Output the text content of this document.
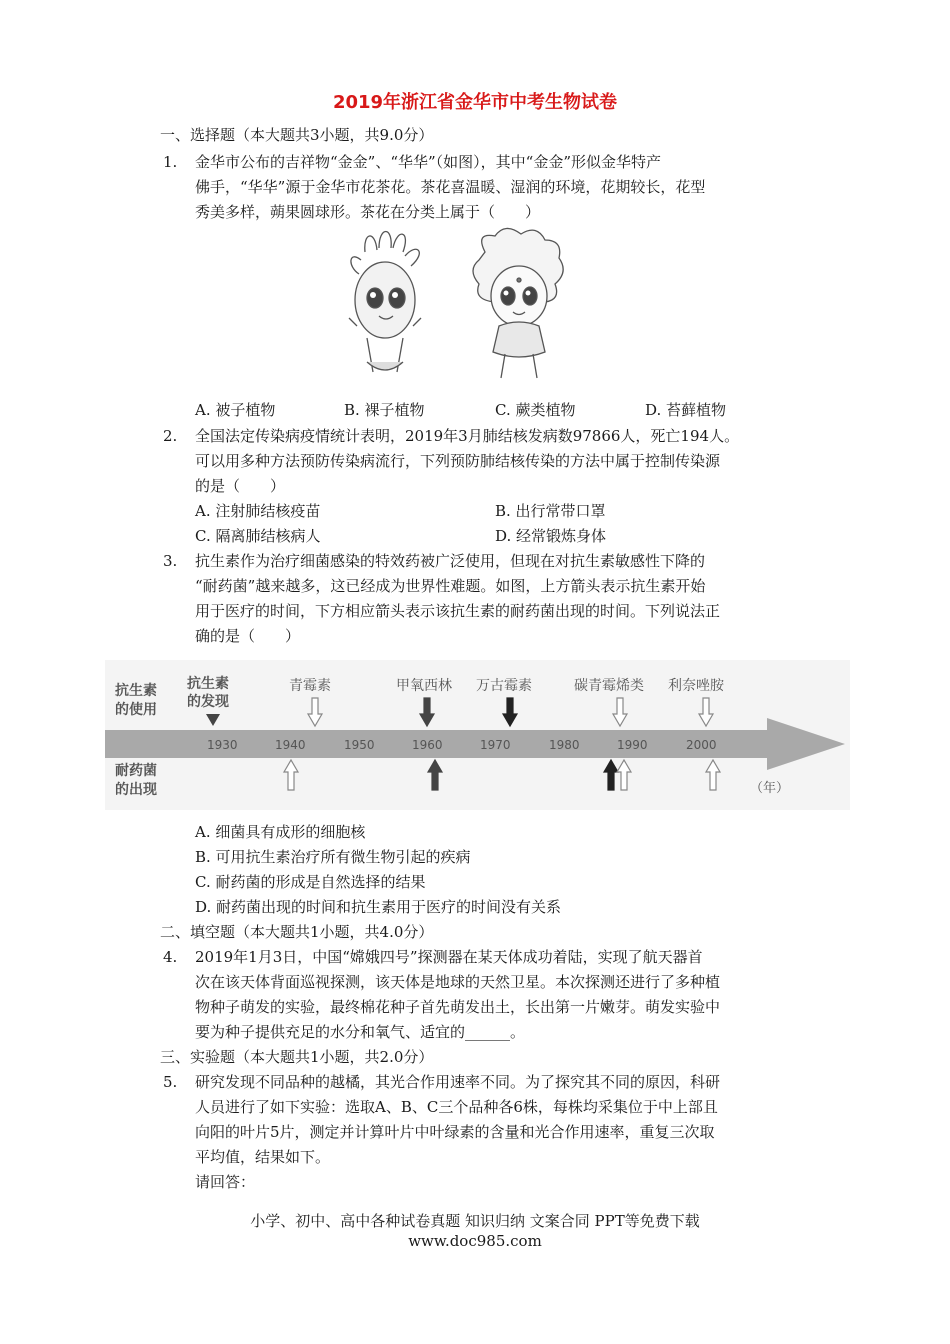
2019年浙江省金华市中考生物试卷
一、选择题（本大题共3小题，共9.0分）
1. 金华市公布的吉祥物“金金”、“华华”（如图），其中“金金”形似金华特产
佛手，“华华”源于金华市花茶花。茶花喜温暖、湿润的环境，花期较长，花型
秀美多样，蒴果圆球形。茶花在分类上属于（　　）
A. 被子植物	B. 裸子植物	C. 蕨类植物	D. 苔藓植物
2. 全国法定传染病疫情统计表明，2019年3月肺结核发病数97866人，死亡194人。
可以用多种方法预防传染病流行，下列预防肺结核传染的方法中属于控制传染源
的是（　　）
A. 注射肺结核疫苗	B. 出行常带口罩
C. 隔离肺结核病人	D. 经常锻炼身体
3. 抗生素作为治疗细菌感染的特效药被广泛使用，但现在对抗生素敏感性下降的
“耐药菌”越来越多，这已经成为世界性难题。如图，上方箭头表示抗生素开始
用于医疗的时间，下方相应箭头表示该抗生素的耐药菌出现的时间。下列说法正
确的是（　　）
抗生素
的使用
耐药菌
的出现
抗生素
的发现
青霉素	甲氧西林 万古霉素	碳青霉烯类 利奈唑胺
1930	1940	1950	1960	1970	1980	1990	2000
（年）
A. 细菌具有成形的细胞核
B. 可用抗生素治疗所有微生物引起的疾病
C. 耐药菌的形成是自然选择的结果
D. 耐药菌出现的时间和抗生素用于医疗的时间没有关系
二、填空题（本大题共1小题，共4.0分）
4. 2019年1月3日，中国“嫦娥四号”探测器在某天体成功着陆，实现了航天器首
次在该天体背面巡视探测，该天体是地球的天然卫星。本次探测还进行了多种植
物种子萌发的实验，最终棉花种子首先萌发出土，长出第一片嫩芽。萌发实验中
要为种子提供充足的水分和氧气、适宜的______。
三、实验题（本大题共1小题，共2.0分）
5. 研究发现不同品种的越橘，其光合作用速率不同。为了探究其不同的原因，科研
人员进行了如下实验：选取A、B、C三个品种各6株，每株均采集位于中上部且
向阳的叶片5片，测定并计算叶片中叶绿素的含量和光合作用速率，重复三次取
平均值，结果如下。
请回答：
小学、初中、高中各种试卷真题 知识归纳 文案合同 PPT等免费下载
www.doc985.com
